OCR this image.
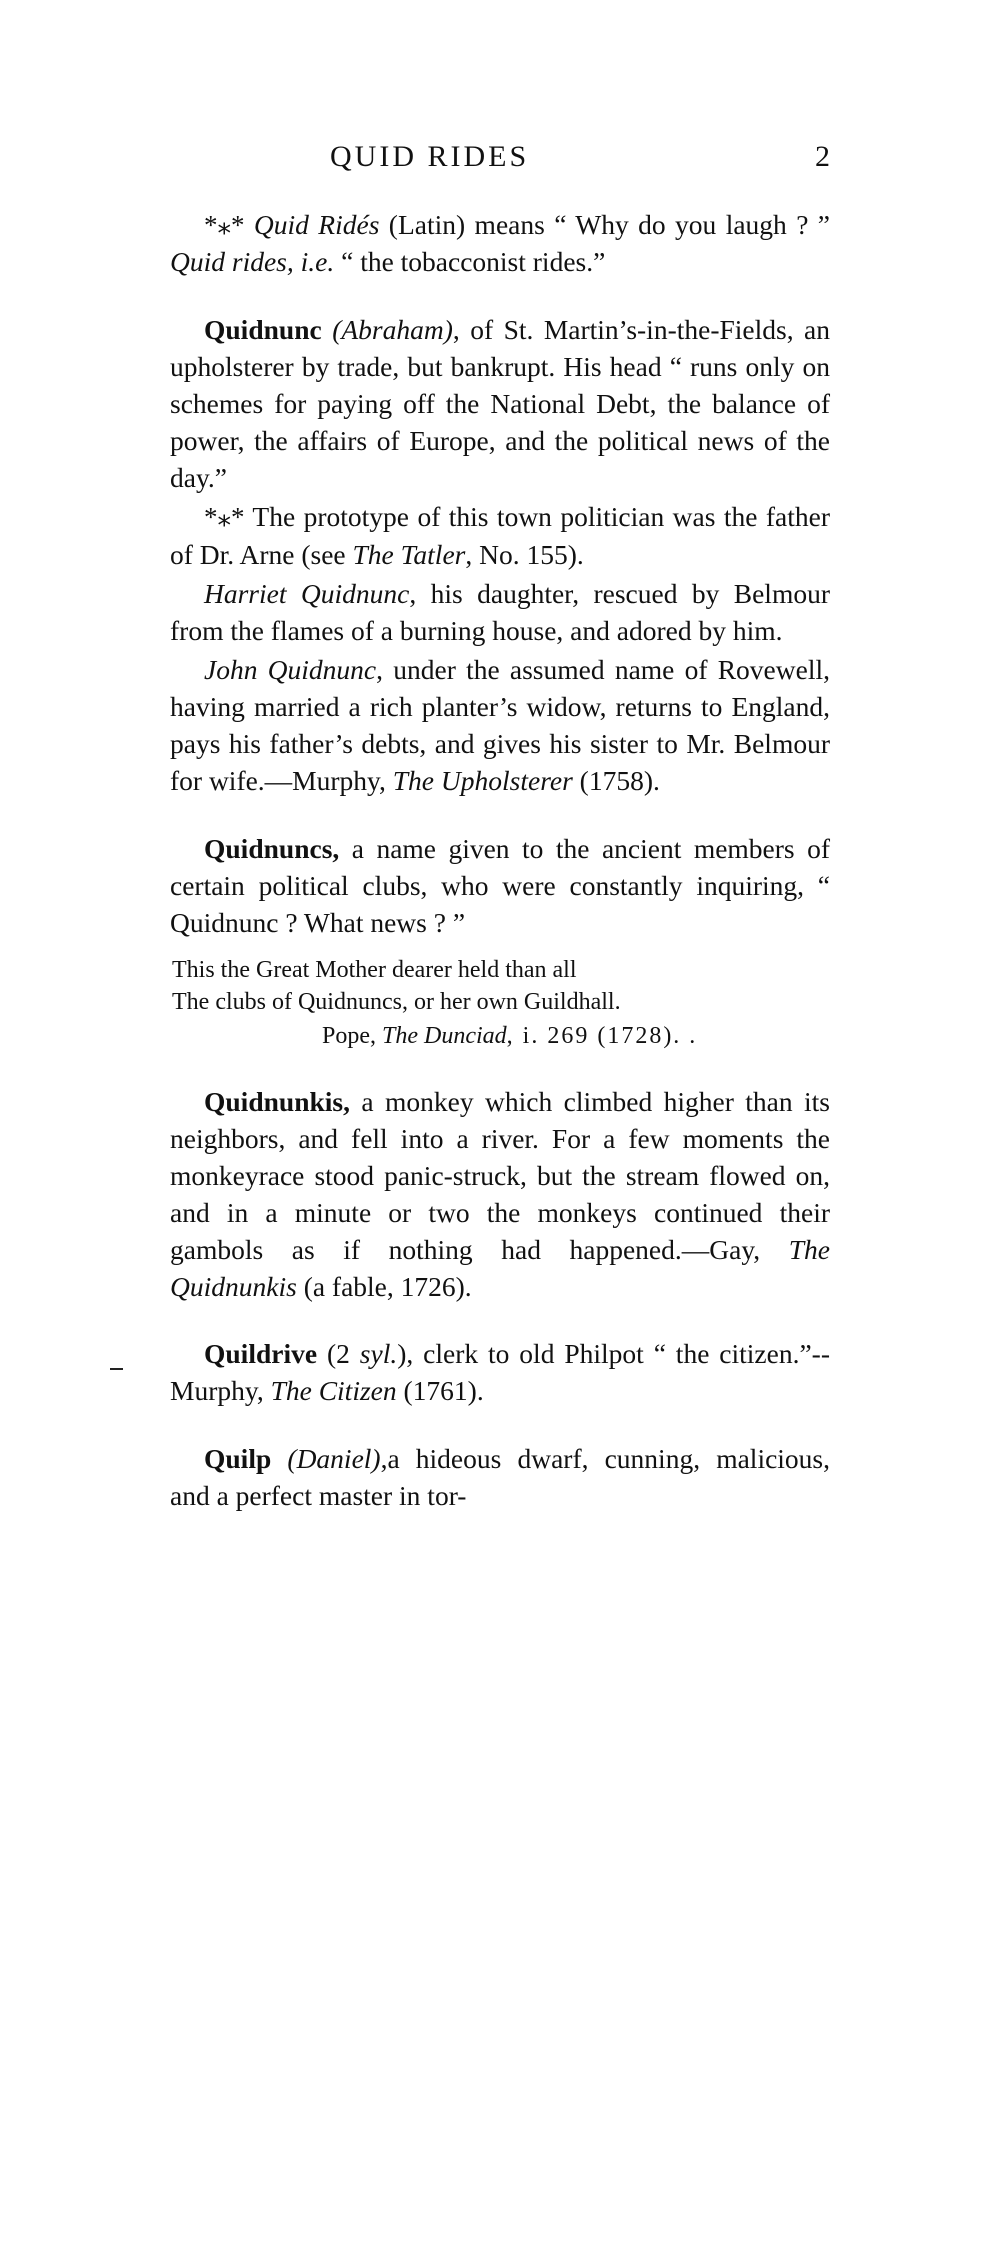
QUID RIDES	2

*⁎* Quid Ridés (Latin) means “ Why do you laugh ? ” Quid rides, i.e. “ the tobacconist rides.”

Quidnunc (Abraham), of St. Martin’s-in-the-Fields, an upholsterer by trade, but bankrupt. His head “ runs only on schemes for paying off the National Debt, the balance of power, the affairs of Europe, and the political news of the day.”

*⁎* The prototype of this town politician was the father of Dr. Arne (see The Tatler, No. 155).

Harriet Quidnunc, his daughter, rescued by Belmour from the flames of a burning house, and adored by him.

John Quidnunc, under the assumed name of Rovewell, having married a rich planter’s widow, returns to England, pays his father’s debts, and gives his sister to Mr. Belmour for wife.—Murphy, The Upholsterer (1758).

Quidnuncs, a name given to the ancient members of certain political clubs, who were constantly inquiring, “ Quidnunc ? What news ? ”

This the Great Mother dearer held than all
The clubs of Quidnuncs, or her own Guildhall.
Pope, The Dunciad, i. 269 (1728). .

Quidnunkis, a monkey which climbed higher than its neighbors, and fell into a river. For a few moments the monkeyrace stood panic-struck, but the stream flowed on, and in a minute or two the monkeys continued their gambols as if nothing had happened.—Gay, The Quidnunkis (a fable, 1726).

Quildrive (2 syl.), clerk to old Philpot “ the citizen.”--Murphy, The Citizen (1761).

Quilp (Daniel),a hideous dwarf, cunning, malicious, and a perfect master in tor-
